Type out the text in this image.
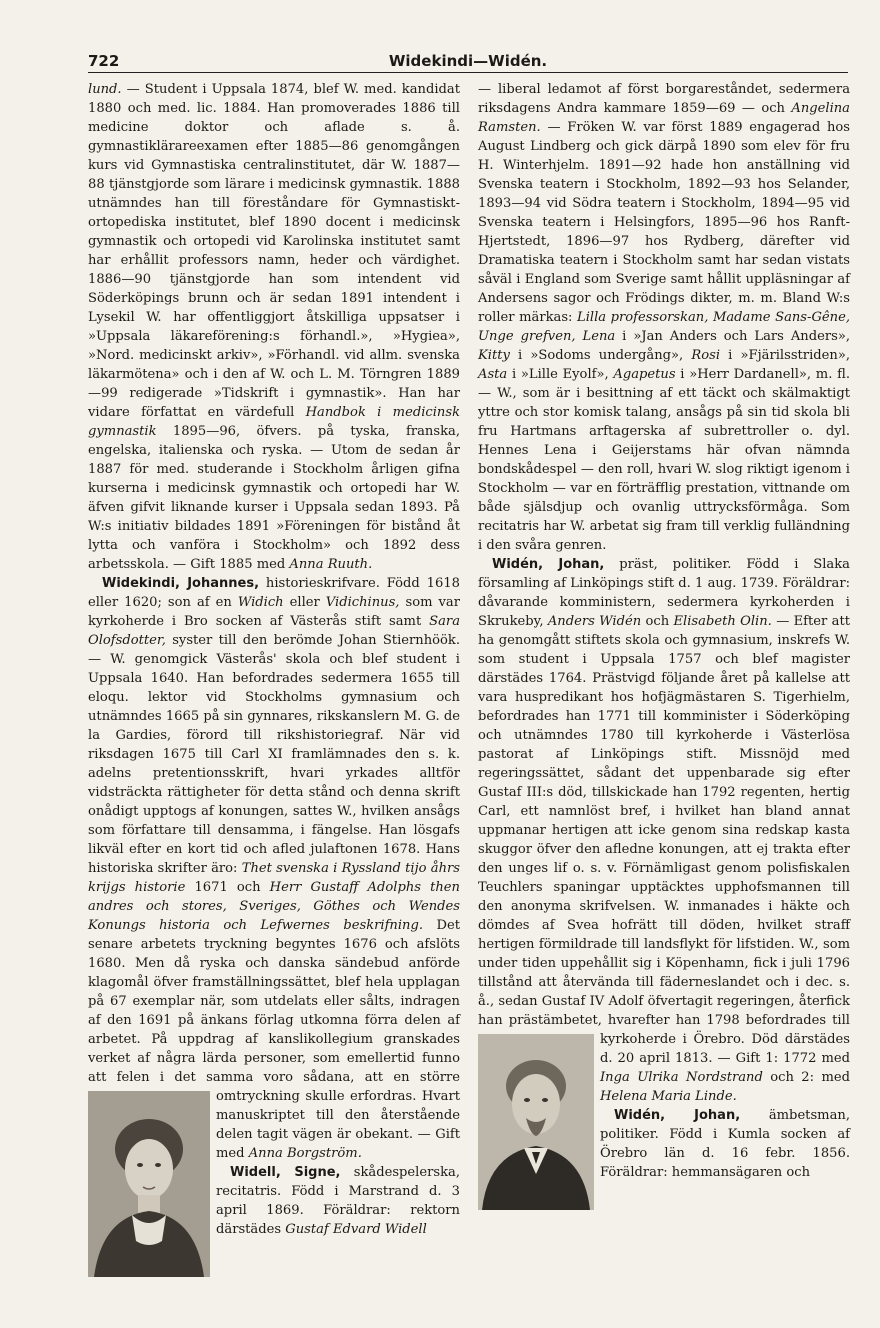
722	Widekindi—Widén.

lund. — Student i Uppsala 1874, blef W. med. kandidat 1880 och med. lic. 1884. Han promoverades 1886 till medicine doktor och aflade s. å. gymnastiklärareexamen efter 1885—86 genomgången kurs vid Gymnastiska centralinstitutet, där W. 1887—88 tjänstgjorde som lärare i medicinsk gymnastik. 1888 utnämndes han till föreståndare för Gymnastiskt-ortopediska institutet, blef 1890 docent i medicinsk gymnastik och ortopedi vid Karolinska institutet samt har erhållit professors namn, heder och värdighet. 1886—90 tjänstgjorde han som intendent vid Söderköpings brunn och är sedan 1891 intendent i Lysekil W. har offentliggjort åtskilliga uppsatser i »Uppsala läkareförening:s förhandl.», »Hygiea», »Nord. medicinskt arkiv», »Förhandl. vid allm. svenska läkarmötena» och i den af W. och L. M. Törngren 1889—99 redigerade »Tidskrift i gymnastik». Han har vidare författat en värdefull Handbok i medicinsk gymnastik 1895—96, öfvers. på tyska, franska, engelska, italienska och ryska. — Utom de sedan år 1887 för med. studerande i Stockholm årligen gifna kurserna i medicinsk gymnastik och ortopedi har W. äfven gifvit liknande kurser i Uppsala sedan 1893. På W:s initiativ bildades 1891 »Föreningen för bistånd åt lytta och vanföra i Stockholm» och 1892 dess arbetsskola. — Gift 1885 med Anna Ruuth.

Widekindi, Johannes, historieskrifvare. Född 1618 eller 1620; son af en Widich eller Vidichinus, som var kyrkoherde i Bro socken af Västerås stift samt Sara Olofsdotter, syster till den berömde Johan Stiernhöök. — W. genomgick Västerås' skola och blef student i Uppsala 1640. Han befordrades sedermera 1655 till eloqu. lektor vid Stockholms gymnasium och utnämndes 1665 på sin gynnares, rikskanslern M. G. de la Gardies, förord till rikshistoriegraf. När vid riksdagen 1675 till Carl XI framlämnades den s. k. adelns pretentionsskrift, hvari yrkades alltför vidsträckta rättigheter för detta stånd och denna skrift onådigt upptogs af konungen, sattes W., hvilken ansågs som författare till densamma, i fängelse. Han lösgafs likväl efter en kort tid och afled julaftonen 1678. Hans historiska skrifter äro: Thet svenska i Ryssland tijo åhrs krijgs historie 1671 och Herr Gustaff Adolphs then andres och stores, Sveriges, Göthes och Wendes Konungs historia och Lefwernes beskrifning. Det senare arbetets tryckning begyntes 1676 och afslöts 1680. Men då ryska och danska sändebud anförde klagomål öfver framställningssättet, blef hela upplagan på 67 exemplar när, som utdelats eller sålts, indragen af den 1691 på änkans förlag utkomna förra delen af arbetet. På uppdrag af kanslikollegium granskades verket af några lärda personer, som emellertid funno att felen i det samma voro sådana, att en större omtryckning skulle erfordras.
Hvart manuskriptet till den återstående delen tagit vägen är obekant. — Gift med Anna Borgström.

Widell, Signe, skådespelerska, recitatris. Född i Marstrand d. 3 april 1869. Föräldrar: rektorn därstädes Gustaf Edvard Widell

— liberal ledamot af först borgareståndet, sedermera riksdagens Andra kammare 1859—69 — och Angelina Ramsten. — Fröken W. var först 1889 engagerad hos August Lindberg och gick därpå 1890 som elev för fru H. Winterhjelm. 1891—92 hade hon anställning vid Svenska teatern i Stockholm, 1892—93 hos Selander, 1893—94 vid Södra teatern i Stockholm, 1894—95 vid Svenska teatern i Helsingfors, 1895—96 hos Ranft-Hjertstedt, 1896—97 hos Rydberg, därefter vid Dramatiska teatern i Stockholm samt har sedan vistats såväl i England som Sverige samt hållit uppläsningar af Andersens sagor och Frödings dikter, m. m. Bland W:s roller märkas: Lilla professorskan, Madame Sans-Gêne, Unge grefven, Lena i »Jan Anders och Lars Anders», Kitty i »Sodoms undergång», Rosi i »Fjärilsstriden», Asta i »Lille Eyolf», Agapetus i »Herr Dardanell», m. fl. — W., som är i besittning af ett täckt och skälmaktigt yttre och stor komisk talang, ansågs på sin tid skola bli fru Hartmans arftagerska af subrettroller o. dyl. Hennes Lena i Geijerstams här ofvan nämnda bondskådespel — den roll, hvari W. slog riktigt igenom i Stockholm — var en förträfflig prestation, vittnande om både själsdjup och ovanlig uttrycksförmåga. Som recitatris har W. arbetat sig fram till verklig fulländning i den svåra genren.

Widén, Johan, präst, politiker. Född i Slaka församling af Linköpings stift d. 1 aug. 1739. Föräldrar: dåvarande komministern, sedermera kyrkoherden i Skrukeby, Anders Widén och Elisabeth Olin. — Efter att ha genomgått stiftets skola och gymnasium, inskrefs W. som student i Uppsala 1757 och blef magister därstädes 1764. Prästvigd följande året på kallelse att vara huspredikant hos hofjägmästaren S. Tigerhielm, befordrades han 1771 till komminister i Söderköping och utnämndes 1780 till kyrkoherde i Västerlösa pastorat af Linköpings stift. Missnöjd med regeringssättet, sådant det uppenbarade sig efter Gustaf III:s död, tillskickade han 1792 regenten, hertig Carl, ett namnlöst bref, i hvilket han bland annat uppmanar hertigen att icke genom sina redskap kasta skuggor öfver den afledne konungen, att ej trakta efter den unges lif o. s. v. Förnämligast genom polisfiskalen Teuchlers spaningar upptäcktes upphofsmannen till den anonyma skrifvelsen. W. inmanades i häkte och dömdes af Svea hofrätt till döden, hvilket straff hertigen förmildrade till landsflykt för lifstiden. W., som under tiden uppehållit sig i Köpenhamn, fick i juli 1796 tillstånd att återvända till fäderneslandet och i dec. s. å., sedan Gustaf IV Adolf öfvertagit regeringen, återfick han prästämbetet, hvarefter han 1798 befordrades till kyrkoherde i Örebro.
Död därstädes d. 20 april 1813. — Gift 1: 1772 med Inga Ulrika Nordstrand och 2: med Helena Maria Linde.

Widén, Johan, ämbetsman, politiker. Född i Kumla socken af Örebro län d. 16 febr. 1856. Föräldrar: hemmansägaren och
